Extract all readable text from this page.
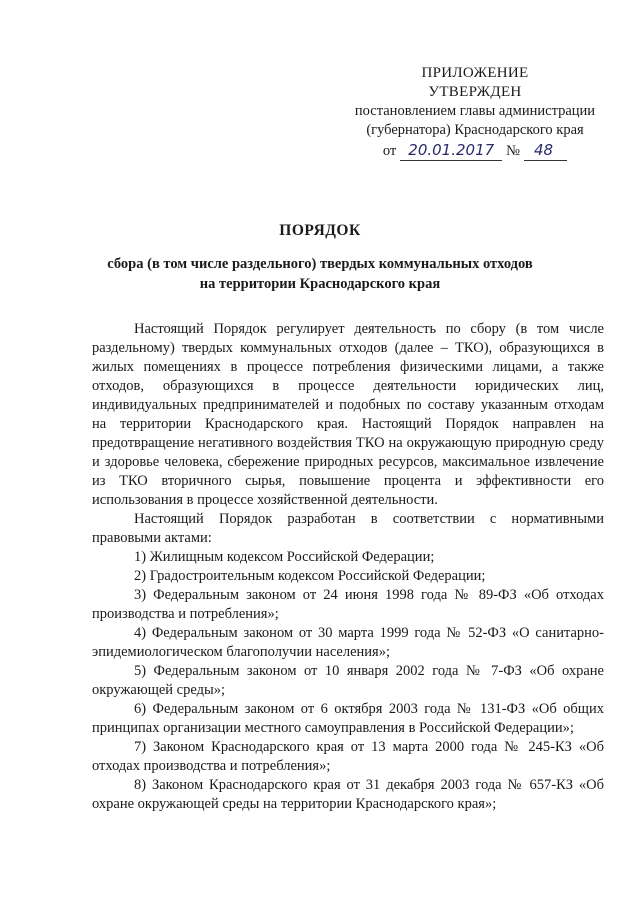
ПРИЛОЖЕНИЕ
УТВЕРЖДЕН
постановлением главы администрации
(губернатора) Краснодарского края
от 20.01.2017 № 48
ПОРЯДОК
сбора (в том числе раздельного) твердых коммунальных отходов
на территории Краснодарского края

Настоящий Порядок регулирует деятельность по сбору (в том числе раздельному) твердых коммунальных отходов (далее – ТКО), образующихся в жилых помещениях в процессе потребления физическими лицами, а также отходов, образующихся в процессе деятельности юридических лиц, индивидуальных предпринимателей и подобных по составу указанным отходам на территории Краснодарского края. Настоящий Порядок направлен на предотвращение негативного воздействия ТКО на окружающую природную среду и здоровье человека, сбережение природных ресурсов, максимальное извлечение из ТКО вторичного сырья, повышение процента и эффективности его использования в процессе хозяйственной деятельности.

Настоящий Порядок разработан в соответствии с нормативными правовыми актами:

1) Жилищным кодексом Российской Федерации;

2) Градостроительным кодексом Российской Федерации;

3) Федеральным законом от 24 июня 1998 года № 89-ФЗ «Об отходах производства и потребления»;

4) Федеральным законом от 30 марта 1999 года № 52-ФЗ «О санитарно-эпидемиологическом благополучии населения»;

5) Федеральным законом от 10 января 2002 года № 7-ФЗ «Об охране окружающей среды»;

6) Федеральным законом от 6 октября 2003 года № 131-ФЗ «Об общих принципах организации местного самоуправления в Российской Федерации»;

7) Законом Краснодарского края от 13 марта 2000 года № 245-КЗ «Об отходах производства и потребления»;

8) Законом Краснодарского края от 31 декабря 2003 года № 657-КЗ «Об охране окружающей среды на территории Краснодарского края»;
